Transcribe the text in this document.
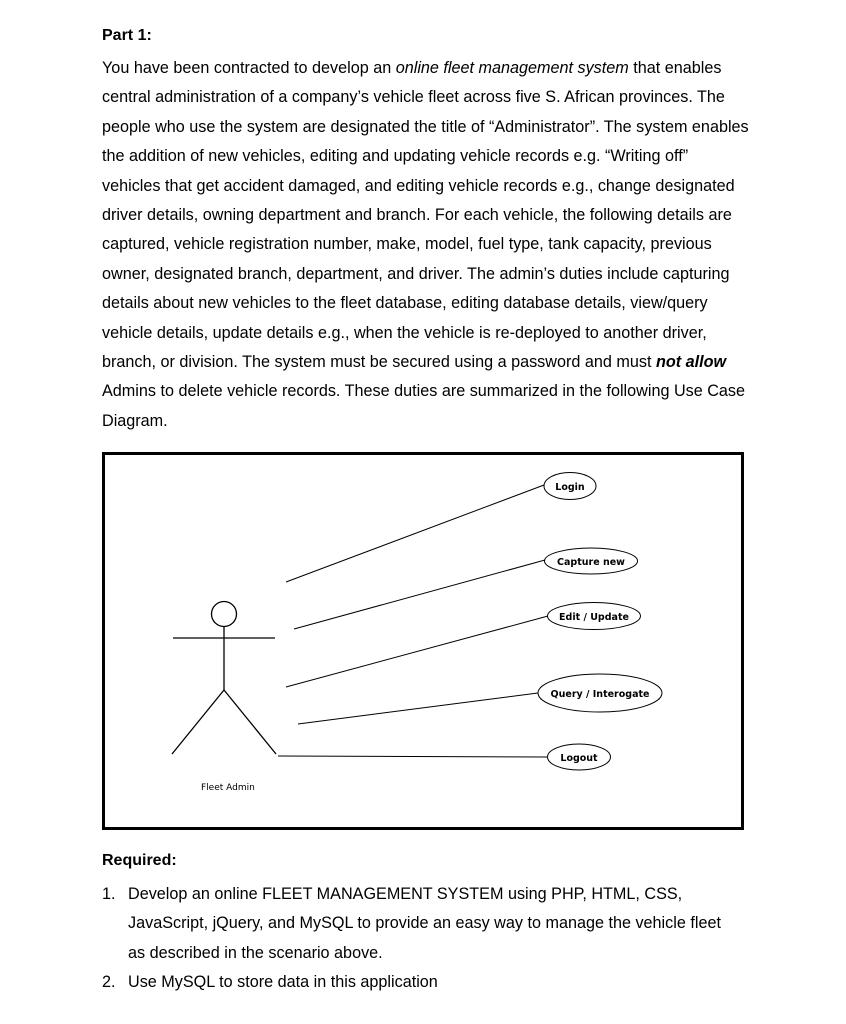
Part 1:

You have been contracted to develop an online fleet management system that enables central administration of a company’s vehicle fleet across five S. African provinces. The people who use the system are designated the title of “Administrator”. The system enables the addition of new vehicles, editing and updating vehicle records e.g. “Writing off” vehicles that get accident damaged, and editing vehicle records e.g., change designated driver details, owning department and branch. For each vehicle, the following details are captured, vehicle registration number, make, model, fuel type, tank capacity, previous owner, designated branch, department, and driver. The admin’s duties include capturing details about new vehicles to the fleet database, editing database details, view/query vehicle details, update details e.g., when the vehicle is re-deployed to another driver, branch, or division. The system must be secured using a password and must not allow Admins to delete vehicle records. These duties are summarized in the following Use Case Diagram.

Required:
1. Develop an online FLEET MANAGEMENT SYSTEM using PHP, HTML, CSS, JavaScript, jQuery, and MySQL to provide an easy way to manage the vehicle fleet as described in the scenario above.
2. Use MySQL to store data in this application
Fleet Admin
Login
Capture new
Edit / Update
Query / Interogate
Logout
